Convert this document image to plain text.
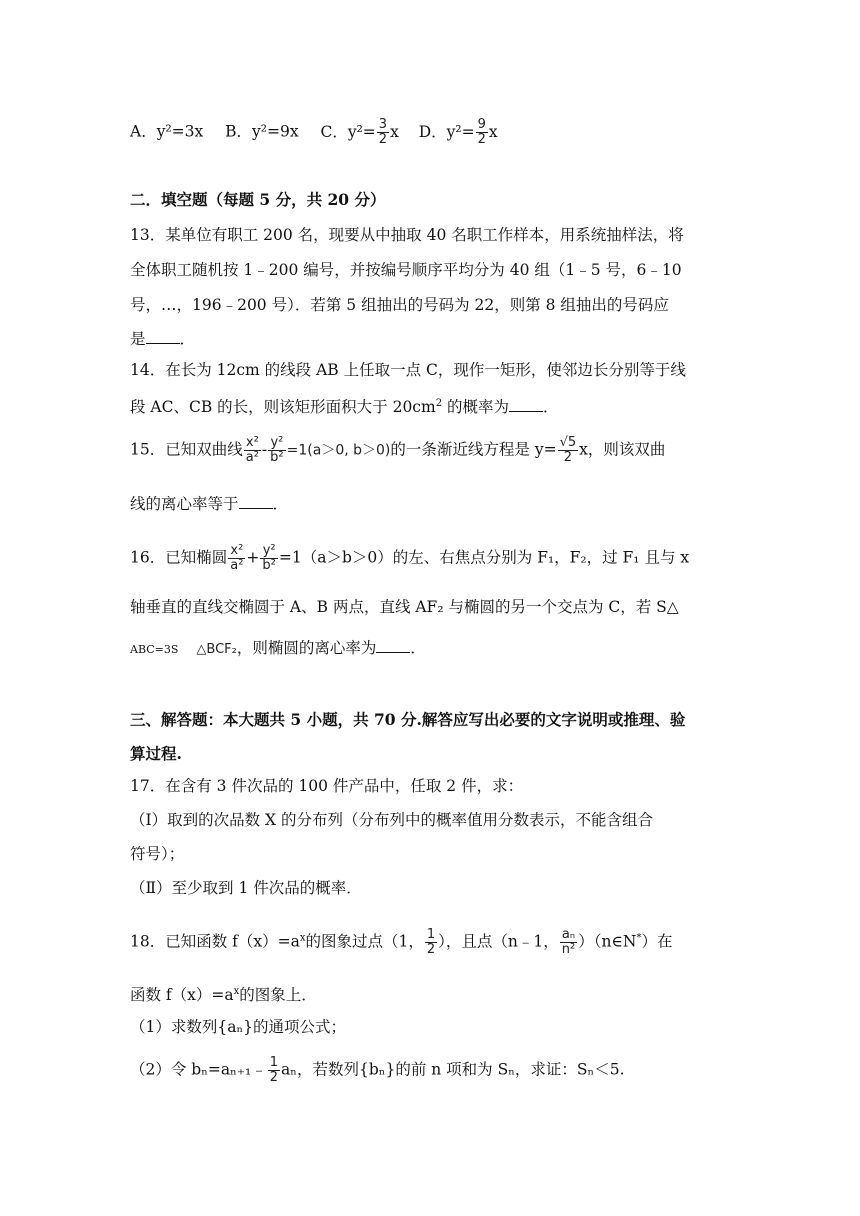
A．y²=3x B．y²=9x C．$y^2= \frac{3}{2}$ x D．$y^2= \frac{9}{2}$ x
二．填空题（每题 5 分，共 20 分）
13．某单位有职工 200 名，现要从中抽取 40 名职工作样本，用系统抽样法，将
全体职工随机按 1﹣200 编号，并按编号顺序平均分为 40 组（1﹣5 号，6﹣10
号，…，196﹣200 号）．若第 5 组抽出的号码为 22，则第 8 组抽出的号码应
是 ．
14．在长为 12cm 的线段 AB 上任取一点 C，现作一矩形，使邻边长分别等于线
段 AC、CB 的长，则该矩形面积大于 $20cm^2$ 的概率为 ．
15．已知双曲线 $\frac{\text{x²}}{\text{a²}} - \frac{\text{y²}}{\text{b²}} =1(a>0$, b＞0)的一条渐近线方程是 $y= \frac{√5}{2}$ x，则该双曲
线的离心率等于 ．
16．已知椭圆 $\frac{\text{x²}}{\text{a²}} + \frac{\text{y²}}{\text{b²}} =1(a>b>0)$的左、右焦点分别为 F₁，F₂，过 F₁ 且与 x
轴垂直的直线交椭圆于 A、B 两点，直线 AF₂ 与椭圆的另一个交点为 C，若 S△
ABC=3S △BCF₂，则椭圆的离心率为 ．
三、解答题：本大题共 5 小题，共 70 分.解答应写出必要的文字说明或推理、验
算过程.
17．在含有 3 件次品的 100 件产品中，任取 2 件，求：
（Ⅰ）取到的次品数 X 的分布列（分布列中的概率值用分数表示，不能含组合
符号）；
（Ⅱ）至少取到 1 件次品的概率．
18．已知函数 $f(x)=a^x$的图象过点（1， $\frac{1}{2}$ ），且点（n﹣1， $\frac{\text{aₙ}}{\text{n²}}$ ）（n∈N*）在
函数 $f(x)=a^x$的图象上．
（1）求数列{aₙ}的通项公式；
（2）令 bₙ=aₙ₊₁﹣ $\frac{1}{2}$ aₙ，若数列{bₙ}的前 n 项和为 Sₙ，求证：Sₙ＜5.
